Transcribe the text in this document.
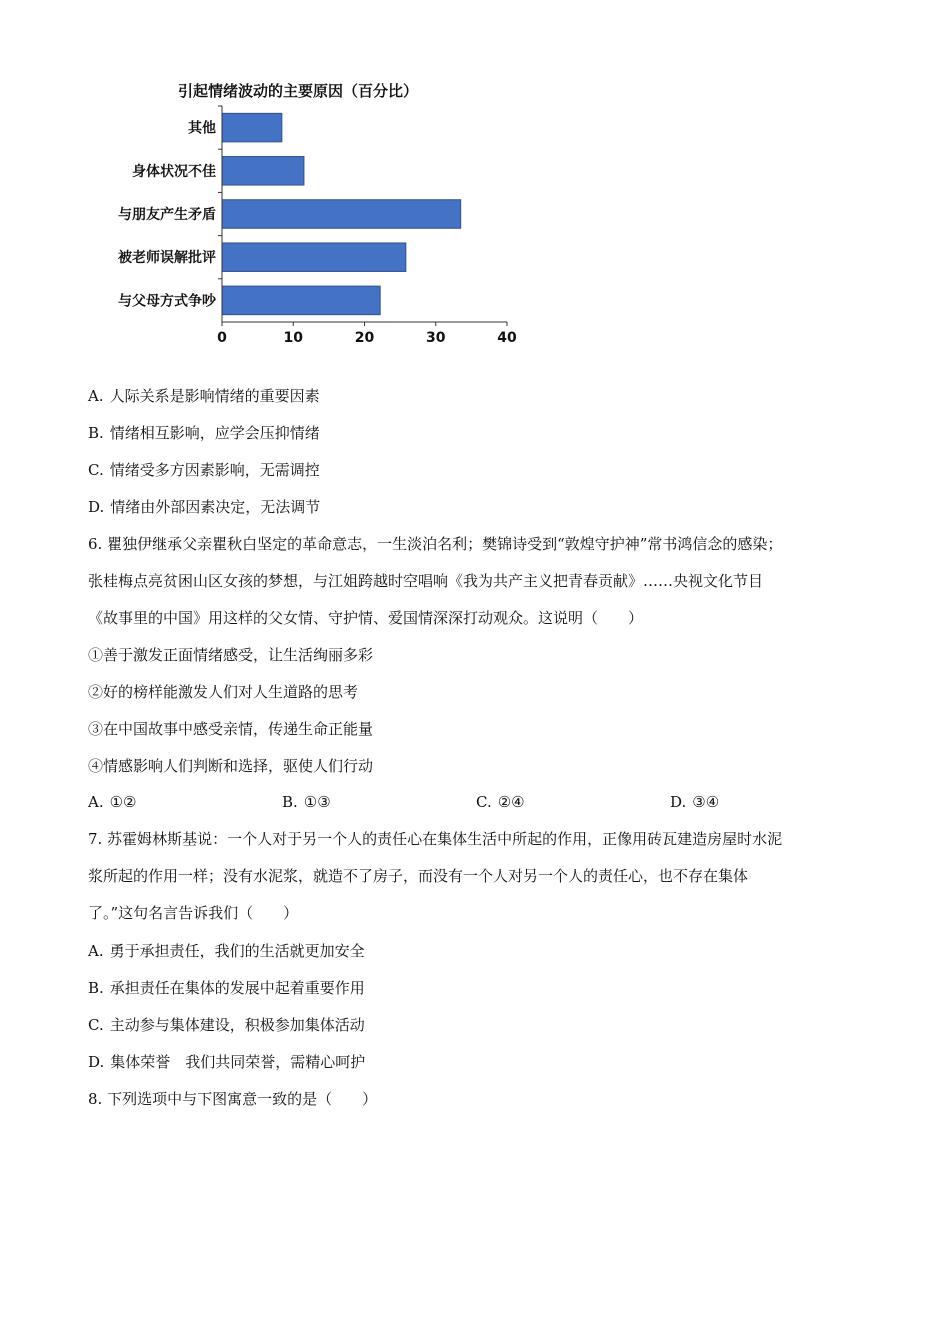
引起情绪波动的主要原因（百分比）
其他
身体状况不佳
与朋友产生矛盾
被老师误解批评
与父母方式争吵
0	10	20	30	40
A. 人际关系是影响情绪的重要因素
B. 情绪相互影响，应学会压抑情绪
C. 情绪受多方因素影响，无需调控
D. 情绪由外部因素决定，无法调节
6. 瞿独伊继承父亲瞿秋白坚定的革命意志，一生淡泊名利；樊锦诗受到“敦煌守护神”常书鸿信念的感染；
张桂梅点亮贫困山区女孩的梦想，与江姐跨越时空唱响《我为共产主义把青春贡献》……央视文化节目
《故事里的中国》用这样的父女情、守护情、爱国情深深打动观众。这说明（　　）
①善于激发正面情绪感受，让生活绚丽多彩
②好的榜样能激发人们对人生道路的思考
③在中国故事中感受亲情，传递生命正能量
④情感影响人们判断和选择，驱使人们行动
A. ①②	B. ①③	C. ②④	D. ③④
7. 苏霍姆林斯基说：一个人对于另一个人的责任心在集体生活中所起的作用，正像用砖瓦建造房屋时水泥
浆所起的作用一样；没有水泥浆，就造不了房子，而没有一个人对另一个人的责任心，也不存在集体
了。”这句名言告诉我们（　　）
A. 勇于承担责任，我们的生活就更加安全
B. 承担责任在集体的发展中起着重要作用
C. 主动参与集体建设，积极参加集体活动
D. 集体荣誉　我们共同荣誉，需精心呵护
8. 下列选项中与下图寓意一致的是（　　）
